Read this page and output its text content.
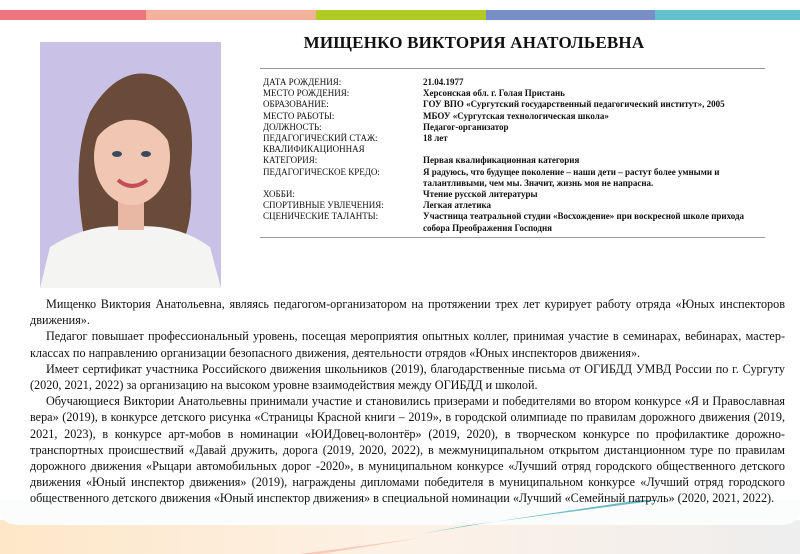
МИЩЕНКО ВИКТОРИЯ АНАТОЛЬЕВНА
ДАТА РОЖДЕНИЯ:	21.04.1977
МЕСТО РОЖДЕНИЯ:	Херсонская обл. г. Голая Пристань
ОБРАЗОВАНИЕ:	ГОУ ВПО «Сургутский государственный педагогический институт», 2005
МЕСТО РАБОТЫ:	МБОУ «Сургутская технологическая школа»
ДОЛЖНОСТЬ:	Педагог-организатор
ПЕДАГОГИЧЕСКИЙ СТАЖ:	18 лет
КВАЛИФИКАЦИОННАЯ КАТЕГОРИЯ:	Первая квалификационная категория
ПЕДАГОГИЧЕСКОЕ КРЕДО:	Я радуюсь, что будущее поколение – наши дети – растут более умными и талантливыми, чем мы. Значит, жизнь моя не напрасна.
ХОББИ:	Чтение русской литературы
СПОРТИВНЫЕ УВЛЕЧЕНИЯ:	Легкая атлетика
СЦЕНИЧЕСКИЕ ТАЛАНТЫ:	Участница театральной студии «Восхождение» при воскресной школе прихода собора Преображения Господня

Мищенко Виктория Анатольевна, являясь педагогом-организатором на протяжении трех лет курирует работу отряда «Юных инспекторов движения».

Педагог повышает профессиональный уровень, посещая мероприятия опытных коллег, принимая участие в семинарах, вебинарах, мастер-классах по направлению организации безопасного движения, деятельности отрядов «Юных инспекторов движения».

Имеет сертификат участника Российского движения школьников (2019), благодарственные письма от ОГИБДД УМВД России по г. Сургуту (2020, 2021, 2022) за организацию на высоком уровне взаимодействия между ОГИБДД и школой.

Обучающиеся Виктории Анатольевны принимали участие и становились призерами и победителями во втором конкурсе «Я и Православная вера» (2019), в конкурсе детского рисунка «Страницы Красной книги – 2019», в городской олимпиаде по правилам дорожного движения (2019, 2021, 2023), в конкурсе арт-мобов в номинации «ЮИДовец-волонтёр» (2019, 2020), в творческом конкурсе по профилактике дорожно-транспортных происшествий «Давай дружить, дорога (2019, 2020, 2022), в межмуниципальном открытом дистанционном туре по правилам дорожного движения «Рыцари автомобильных дорог -2020», в муниципальном конкурсе «Лучший отряд городского общественного детского движения «Юный инспектор движения» (2019), награждены дипломами победителя в муниципальном конкурсе «Лучший отряд городского общественного детского движения «Юный инспектор движения» в специальной номинации «Лучший «Семейный патруль» (2020, 2021, 2022).
